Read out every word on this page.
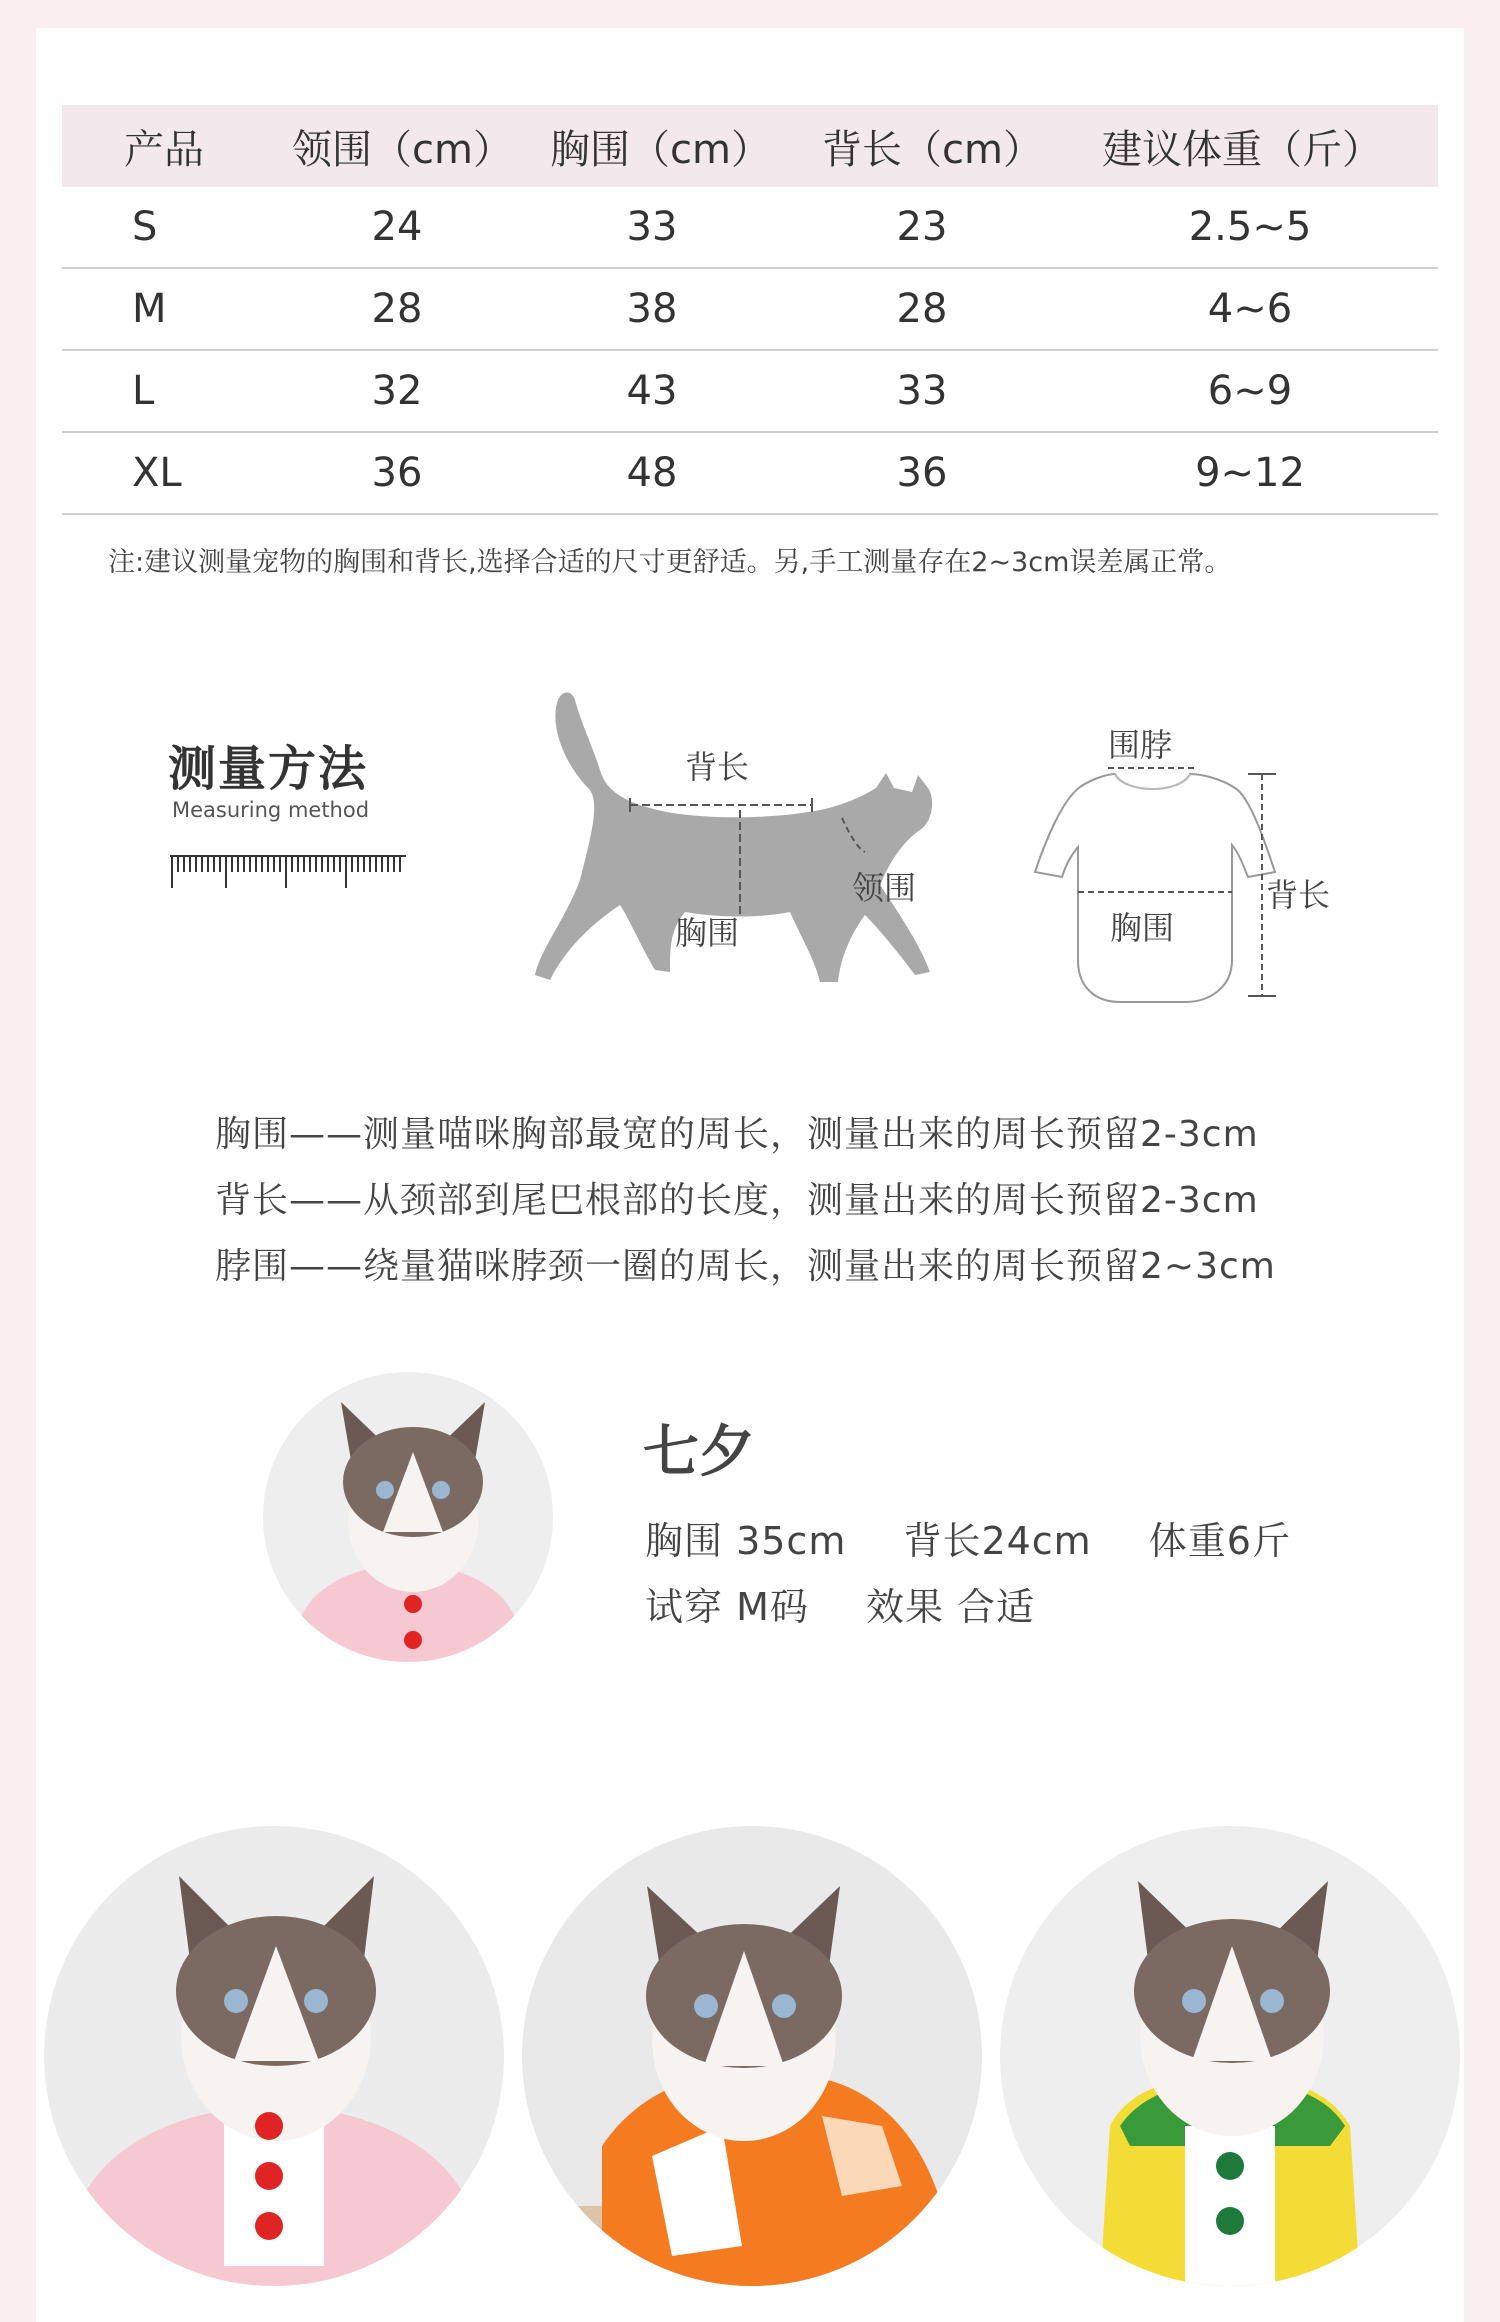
产品	领围（cm） 胸围（cm）	背长（cm）	建议体重（斤）
S	24	33	23	2.5~5
M	28	38	28	4~6
L	32	43	33	6~9
XL	36	48	36	9~12
注:建议测量宠物的胸围和背长,选择合适的尺寸更舒适。另,手工测量存在2~3cm误差属正常。
测量方法
Measuring method
背长
领围
胸围
围脖
背长
胸围
胸围——测量喵咪胸部最宽的周长，测量出来的周长预留2-3cm
背长——从颈部到尾巴根部的长度，测量出来的周长预留2-3cm
脖围——绕量猫咪脖颈一圈的周长，测量出来的周长预留2~3cm
七夕
胸围 35cm 背长24cm 体重6斤
试穿 M码 效果 合适
